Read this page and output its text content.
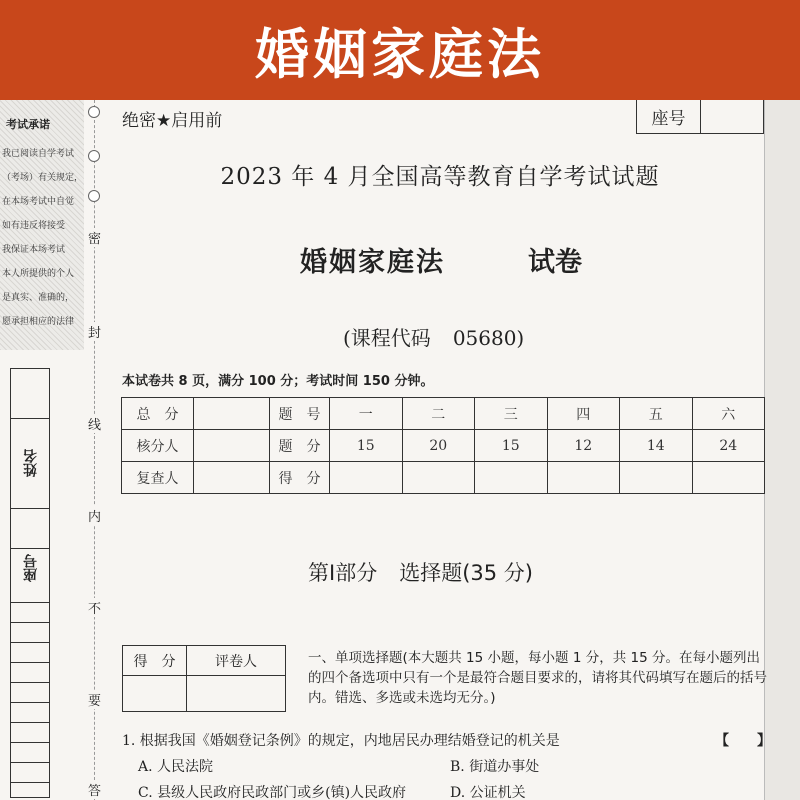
婚姻家庭法
考试承诺
我已阅读自学考试
（考场）有关规定，
在本场考试中自觉
如有违反将接受
我保证本场考试
本人所提供的个人
是真实、准确的，
愿承担相应的法律
姓名
座号
密
封
线
内
不
要
答
绝密★启用前	座号
2023 年 4 月全国高等教育自学考试试题
婚姻家庭法	试卷
(课程代码 05680)
本试卷共 8 页，满分 100 分；考试时间 150 分钟。
总　分		题　号	一	二	三	四	五	六
核分人		题　分	15	20	15	12	14	24
复查人		得　分						
第Ⅰ部分 选择题(35 分)
得　分	评卷人
		一、单项选择题(本大题共 15 小题，每小题 1 分，共 15 分。在每小题列出的四个备选项中只有一个是最符合题目要求的，请将其代码填写在题后的括号内。错选、多选或未选均无分。)
1. 根据我国《婚姻登记条例》的规定，内地居民办理结婚登记的机关是	【　　】
A. 人民法院	B. 街道办事处
C. 县级人民政府民政部门或乡(镇)人民政府	D. 公证机关
